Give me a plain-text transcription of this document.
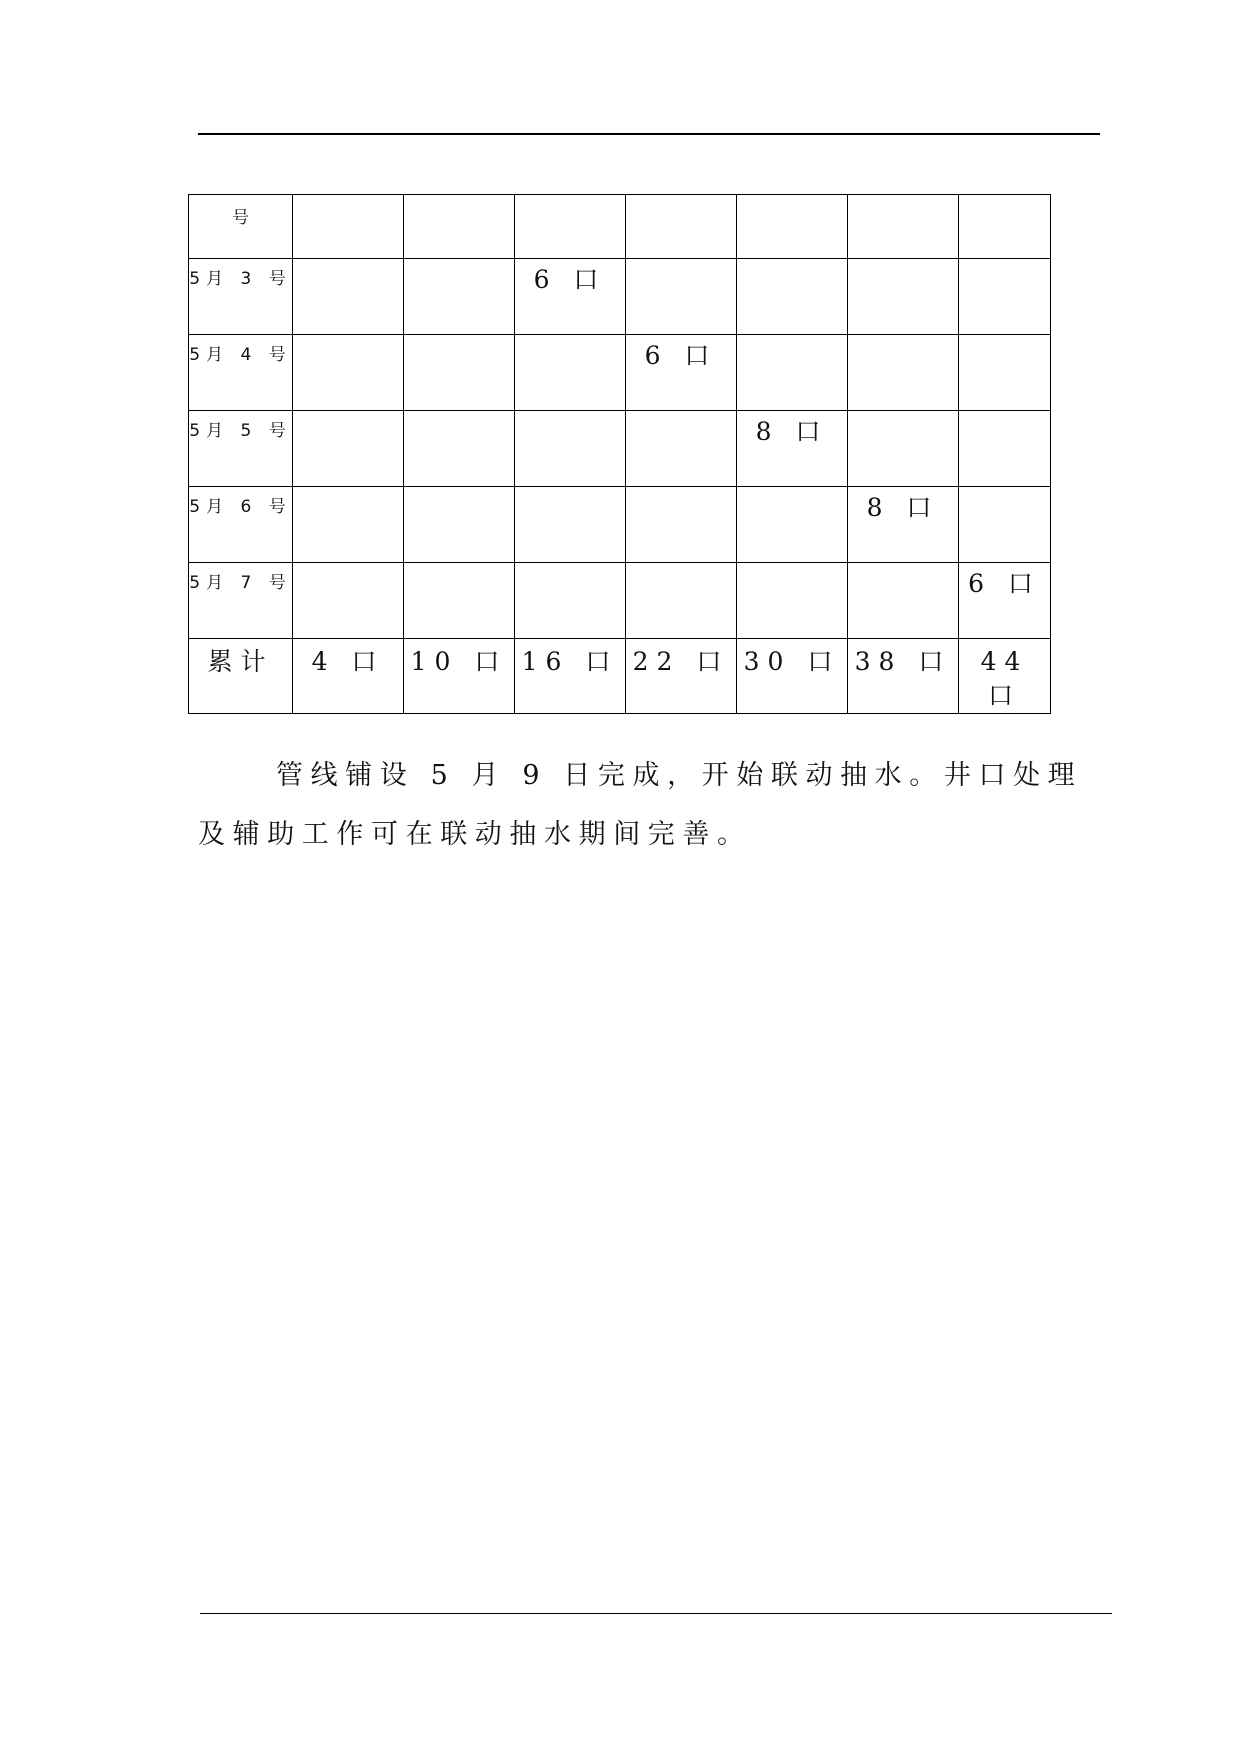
号							

5月 3 号			6 口				

5月 4 号				6 口			

5月 5 号					8 口		

5月 6 号						8 口	

5月 7 号							6 口

累计	4 口	10 口	16 口	22 口	30 口	38 口	44 口
管线铺设 5 月 9 日完成，开始联动抽水。井口处理及辅助工作可在联动抽水期间完善。
